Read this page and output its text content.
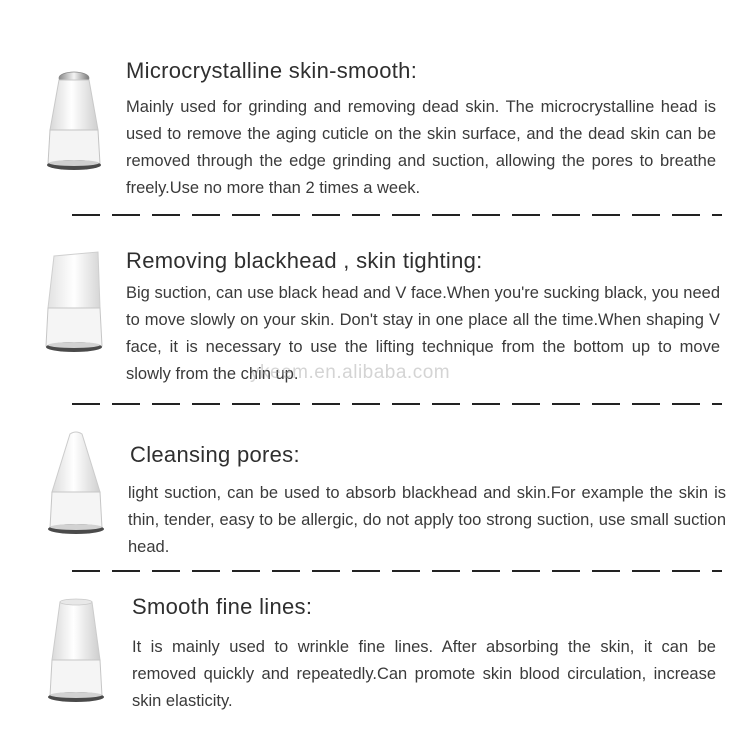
Microcrystalline skin-smooth:
Mainly used for grinding and removing dead skin. The microcrystalline head is used to remove the aging cuticle on the skin surface, and the dead skin can be removed through the edge grinding and suction, allowing the pores to breathe freely.Use no more than 2 times a week.
Removing blackhead , skin tighting:
Big suction, can use black head and V face.When you're sucking black, you need to move slowly on your skin. Don't stay in one place all the time.When shaping V face, it is necessary to use the lifting technique from the bottom up to move slowly from the chin up.
Cleansing pores:
light suction, can be used to absorb blackhead and skin.For example the skin is thin, tender, easy to be allergic, do not apply too strong suction, use small suction head.
Smooth fine lines:
It is mainly used to wrinkle fine lines. After absorbing the skin, it can be removed quickly and repeatedly.Can promote skin blood circulation, increase skin elasticity.
ykeem.en.alibaba.com
